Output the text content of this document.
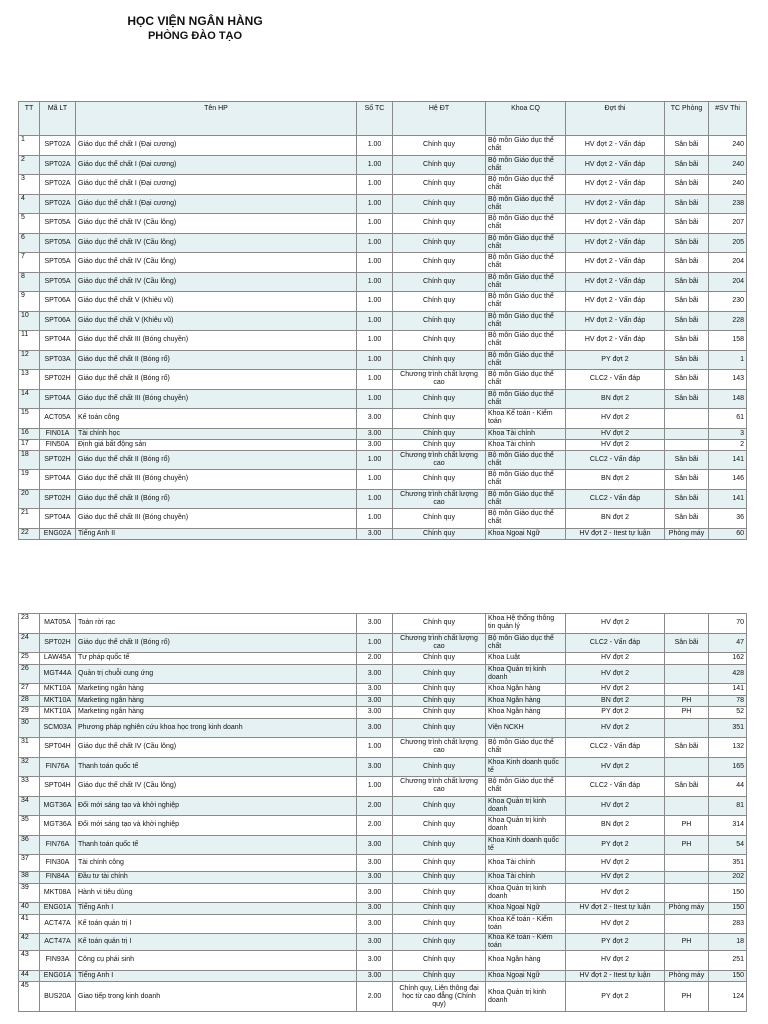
HỌC VIỆN NGÂN HÀNG
PHÒNG ĐÀO TẠO
TT	Mã LT	Tên HP	Số TC	Hệ ĐT	Khoa CQ	Đợt thi	TC Phòng	#SV Thi
1	SPT02A	Giáo dục thể chất I (Đại cương)	1.00	Chính quy	Bộ môn Giáo dục thể chất	HV đợt 2 - Vấn đáp	Sân bãi	240
2	SPT02A	Giáo dục thể chất I (Đại cương)	1.00	Chính quy	Bộ môn Giáo dục thể chất	HV đợt 2 - Vấn đáp	Sân bãi	240
3	SPT02A	Giáo dục thể chất I (Đại cương)	1.00	Chính quy	Bộ môn Giáo dục thể chất	HV đợt 2 - Vấn đáp	Sân bãi	240
4	SPT02A	Giáo dục thể chất I (Đại cương)	1.00	Chính quy	Bộ môn Giáo dục thể chất	HV đợt 2 - Vấn đáp	Sân bãi	238
5	SPT05A	Giáo dục thể chất IV (Cầu lông)	1.00	Chính quy	Bộ môn Giáo dục thể chất	HV đợt 2 - Vấn đáp	Sân bãi	207
6	SPT05A	Giáo dục thể chất IV (Cầu lông)	1.00	Chính quy	Bộ môn Giáo dục thể chất	HV đợt 2 - Vấn đáp	Sân bãi	205
7	SPT05A	Giáo dục thể chất IV (Cầu lông)	1.00	Chính quy	Bộ môn Giáo dục thể chất	HV đợt 2 - Vấn đáp	Sân bãi	204
8	SPT05A	Giáo dục thể chất IV (Cầu lông)	1.00	Chính quy	Bộ môn Giáo dục thể chất	HV đợt 2 - Vấn đáp	Sân bãi	204
9	SPT06A	Giáo dục thể chất V (Khiêu vũ)	1.00	Chính quy	Bộ môn Giáo dục thể chất	HV đợt 2 - Vấn đáp	Sân bãi	230
10	SPT06A	Giáo dục thể chất V (Khiêu vũ)	1.00	Chính quy	Bộ môn Giáo dục thể chất	HV đợt 2 - Vấn đáp	Sân bãi	228
11	SPT04A	Giáo dục thể chất III (Bóng chuyền)	1.00	Chính quy	Bộ môn Giáo dục thể chất	HV đợt 2 - Vấn đáp	Sân bãi	158
12	SPT03A	Giáo dục thể chất II (Bóng rổ)	1.00	Chính quy	Bộ môn Giáo dục thể chất	PY đợt 2	Sân bãi	1
13	SPT02H	Giáo dục thể chất II (Bóng rổ)	1.00	Chương trình chất lượng cao	Bộ môn Giáo dục thể chất	CLC2 - Vấn đáp	Sân bãi	143
14	SPT04A	Giáo dục thể chất III (Bóng chuyền)	1.00	Chính quy	Bộ môn Giáo dục thể chất	BN đợt 2	Sân bãi	148
15	ACT05A	Kế toán công	3.00	Chính quy	Khoa Kế toán - Kiểm toán	HV đợt 2		61
16	FIN01A	Tài chính học	3.00	Chính quy	Khoa Tài chính	HV đợt 2		3
17	FIN50A	Định giá bất động sản	3.00	Chính quy	Khoa Tài chính	HV đợt 2		2
18	SPT02H	Giáo dục thể chất II (Bóng rổ)	1.00	Chương trình chất lượng cao	Bộ môn Giáo dục thể chất	CLC2 - Vấn đáp	Sân bãi	141
19	SPT04A	Giáo dục thể chất III (Bóng chuyền)	1.00	Chính quy	Bộ môn Giáo dục thể chất	BN đợt 2	Sân bãi	146
20	SPT02H	Giáo dục thể chất II (Bóng rổ)	1.00	Chương trình chất lượng cao	Bộ môn Giáo dục thể chất	CLC2 - Vấn đáp	Sân bãi	141
21	SPT04A	Giáo dục thể chất III (Bóng chuyền)	1.00	Chính quy	Bộ môn Giáo dục thể chất	BN đợt 2	Sân bãi	36
22	ENG02A	Tiếng Anh II	3.00	Chính quy	Khoa Ngoại Ngữ	HV đợt 2 - Itest tự luận	Phòng máy	60
23	MAT05A	Toán rời rạc	3.00	Chính quy	Khoa Hệ thống thông tin quản lý	HV đợt 2		70
24	SPT02H	Giáo dục thể chất II (Bóng rổ)	1.00	Chương trình chất lượng cao	Bộ môn Giáo dục thể chất	CLC2 - Vấn đáp	Sân bãi	47
25	LAW45A	Tư pháp quốc tế	2.00	Chính quy	Khoa Luật	HV đợt 2		162
26	MGT44A	Quản trị chuỗi cung ứng	3.00	Chính quy	Khoa Quản trị kinh doanh	HV đợt 2		428
27	MKT10A	Marketing ngân hàng	3.00	Chính quy	Khoa Ngân hàng	HV đợt 2		141
28	MKT10A	Marketing ngân hàng	3.00	Chính quy	Khoa Ngân hàng	BN đợt 2	PH	78
29	MKT10A	Marketing ngân hàng	3.00	Chính quy	Khoa Ngân hàng	PY đợt 2	PH	52
30	SCM03A	Phương pháp nghiên cứu khoa học trong kinh doanh	3.00	Chính quy	Viện NCKH	HV đợt 2		351
31	SPT04H	Giáo dục thể chất IV (Cầu lông)	1.00	Chương trình chất lượng cao	Bộ môn Giáo dục thể chất	CLC2 - Vấn đáp	Sân bãi	132
32	FIN76A	Thanh toán quốc tế	3.00	Chính quy	Khoa Kinh doanh quốc tế	HV đợt 2		165
33	SPT04H	Giáo dục thể chất IV (Cầu lông)	1.00	Chương trình chất lượng cao	Bộ môn Giáo dục thể chất	CLC2 - Vấn đáp	Sân bãi	44
34	MGT36A	Đổi mới sáng tạo và khởi nghiệp	2.00	Chính quy	Khoa Quản trị kinh doanh	HV đợt 2		81
35	MGT36A	Đổi mới sáng tạo và khởi nghiệp	2.00	Chính quy	Khoa Quản trị kinh doanh	BN đợt 2	PH	314
36	FIN76A	Thanh toán quốc tế	3.00	Chính quy	Khoa Kinh doanh quốc tế	PY đợt 2	PH	54
37	FIN30A	Tài chính công	3.00	Chính quy	Khoa Tài chính	HV đợt 2		351
38	FIN84A	Đầu tư tài chính	3.00	Chính quy	Khoa Tài chính	HV đợt 2		202
39	MKT08A	Hành vi tiêu dùng	3.00	Chính quy	Khoa Quản trị kinh doanh	HV đợt 2		150
40	ENG01A	Tiếng Anh I	3.00	Chính quy	Khoa Ngoại Ngữ	HV đợt 2 - Itest tự luận	Phòng máy	150
41	ACT47A	Kế toán quản trị I	3.00	Chính quy	Khoa Kế toán - Kiểm toán	HV đợt 2		283
42	ACT47A	Kế toán quản trị I	3.00	Chính quy	Khoa Kế toán - Kiểm toán	PY đợt 2	PH	18
43	FIN93A	Công cụ phái sinh	3.00	Chính quy	Khoa Ngân hàng	HV đợt 2		251
44	ENG01A	Tiếng Anh I	3.00	Chính quy	Khoa Ngoại Ngữ	HV đợt 2 - Itest tự luận	Phòng máy	150
45	BUS20A	Giao tiếp trong kinh doanh	2.00	Chính quy, Liên thông đại học từ cao đẳng (Chính quy)	Khoa Quản trị kinh doanh	PY đợt 2	PH	124
